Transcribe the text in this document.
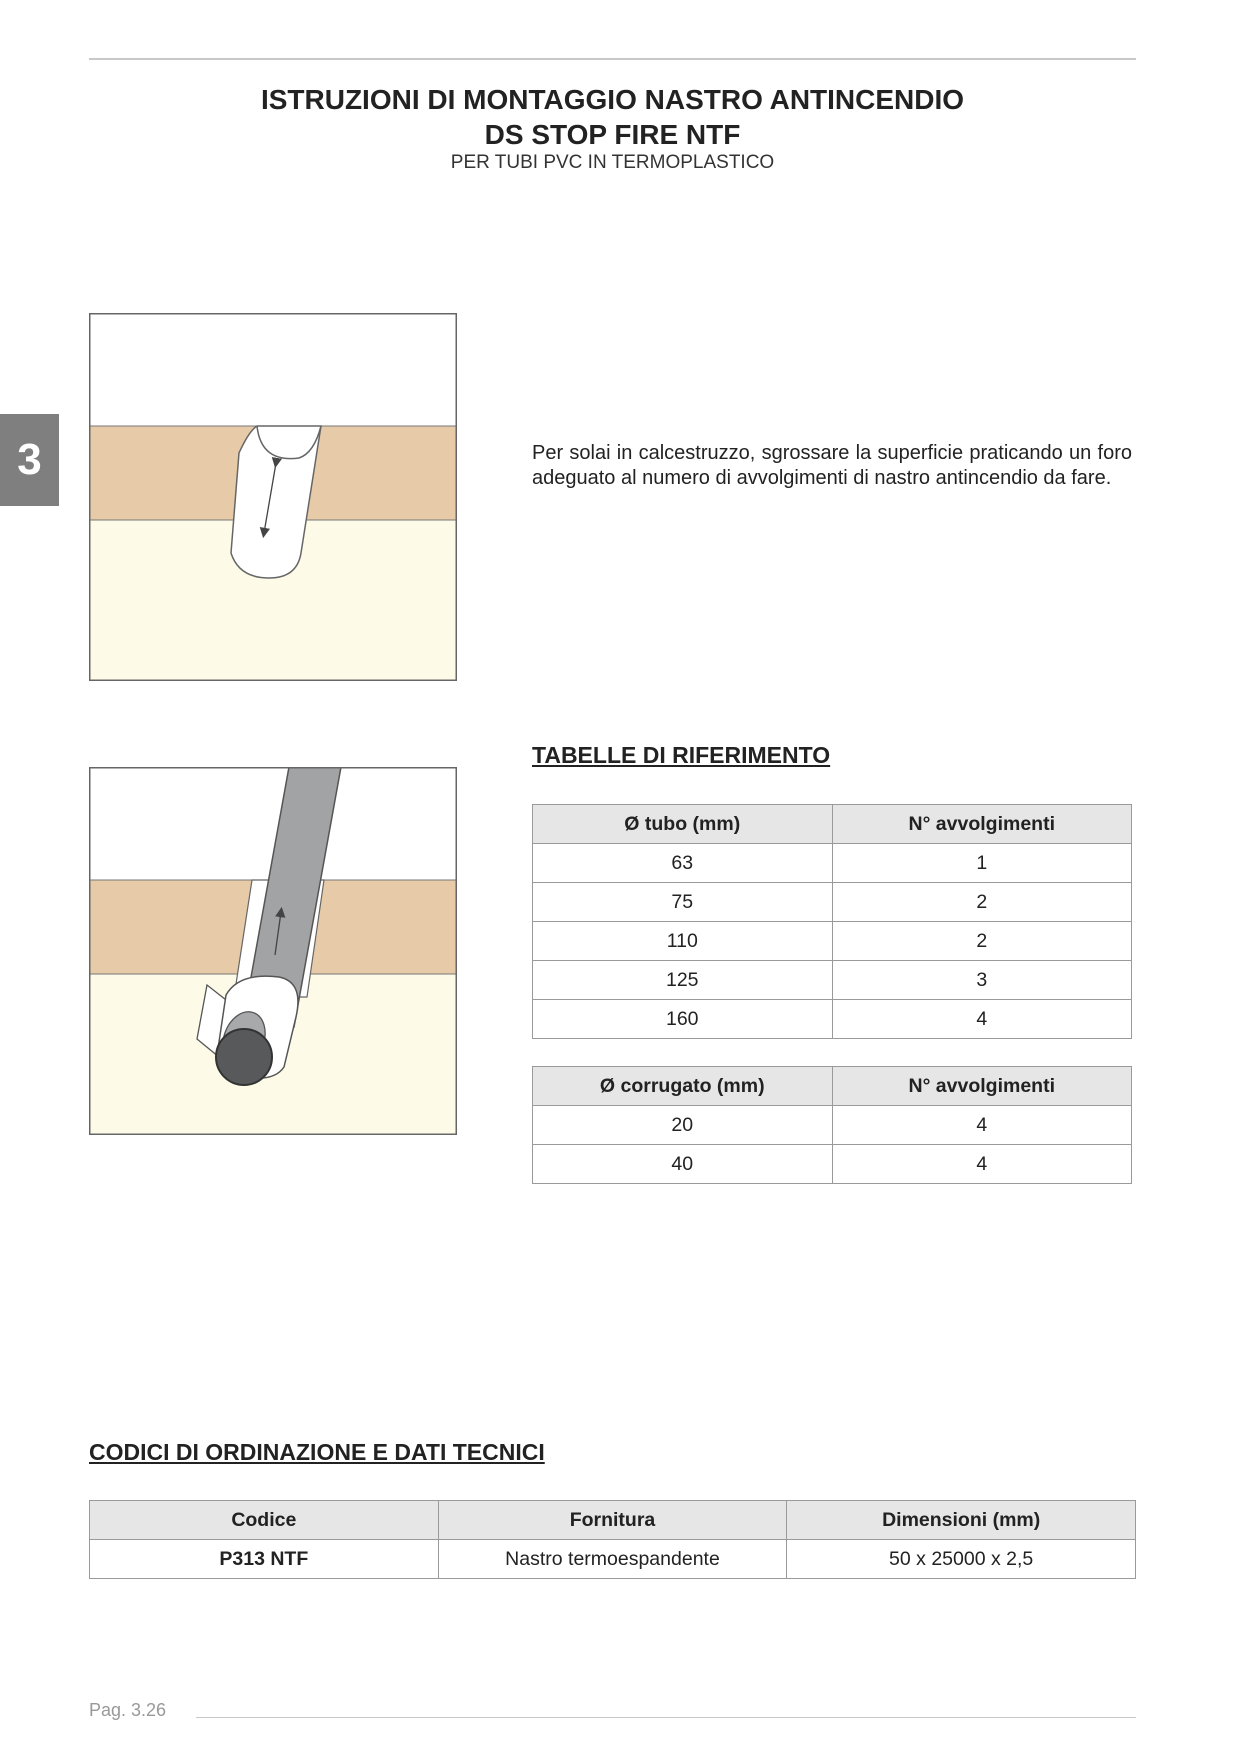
ISTRUZIONI DI MONTAGGIO NASTRO ANTINCENDIO
DS STOP FIRE NTF
PER TUBI PVC IN TERMOPLASTICO
3	Per solai in calcestruzzo, sgrossare la superficie praticando un foro adeguato al numero di avvolgimenti di nastro antincendio da fare.
TABELLE DI RIFERIMENTO
Ø tubo (mm)	N° avvolgimenti
63	1
75	2
110	2
125	3
160	4
Ø corrugato (mm)	N° avvolgimenti
20	4
40	4
CODICI DI ORDINAZIONE E DATI TECNICI
Codice	Fornitura	Dimensioni (mm)
P313 NTF	Nastro termoespandente	50 x 25000 x 2,5
Pag. 3.26
